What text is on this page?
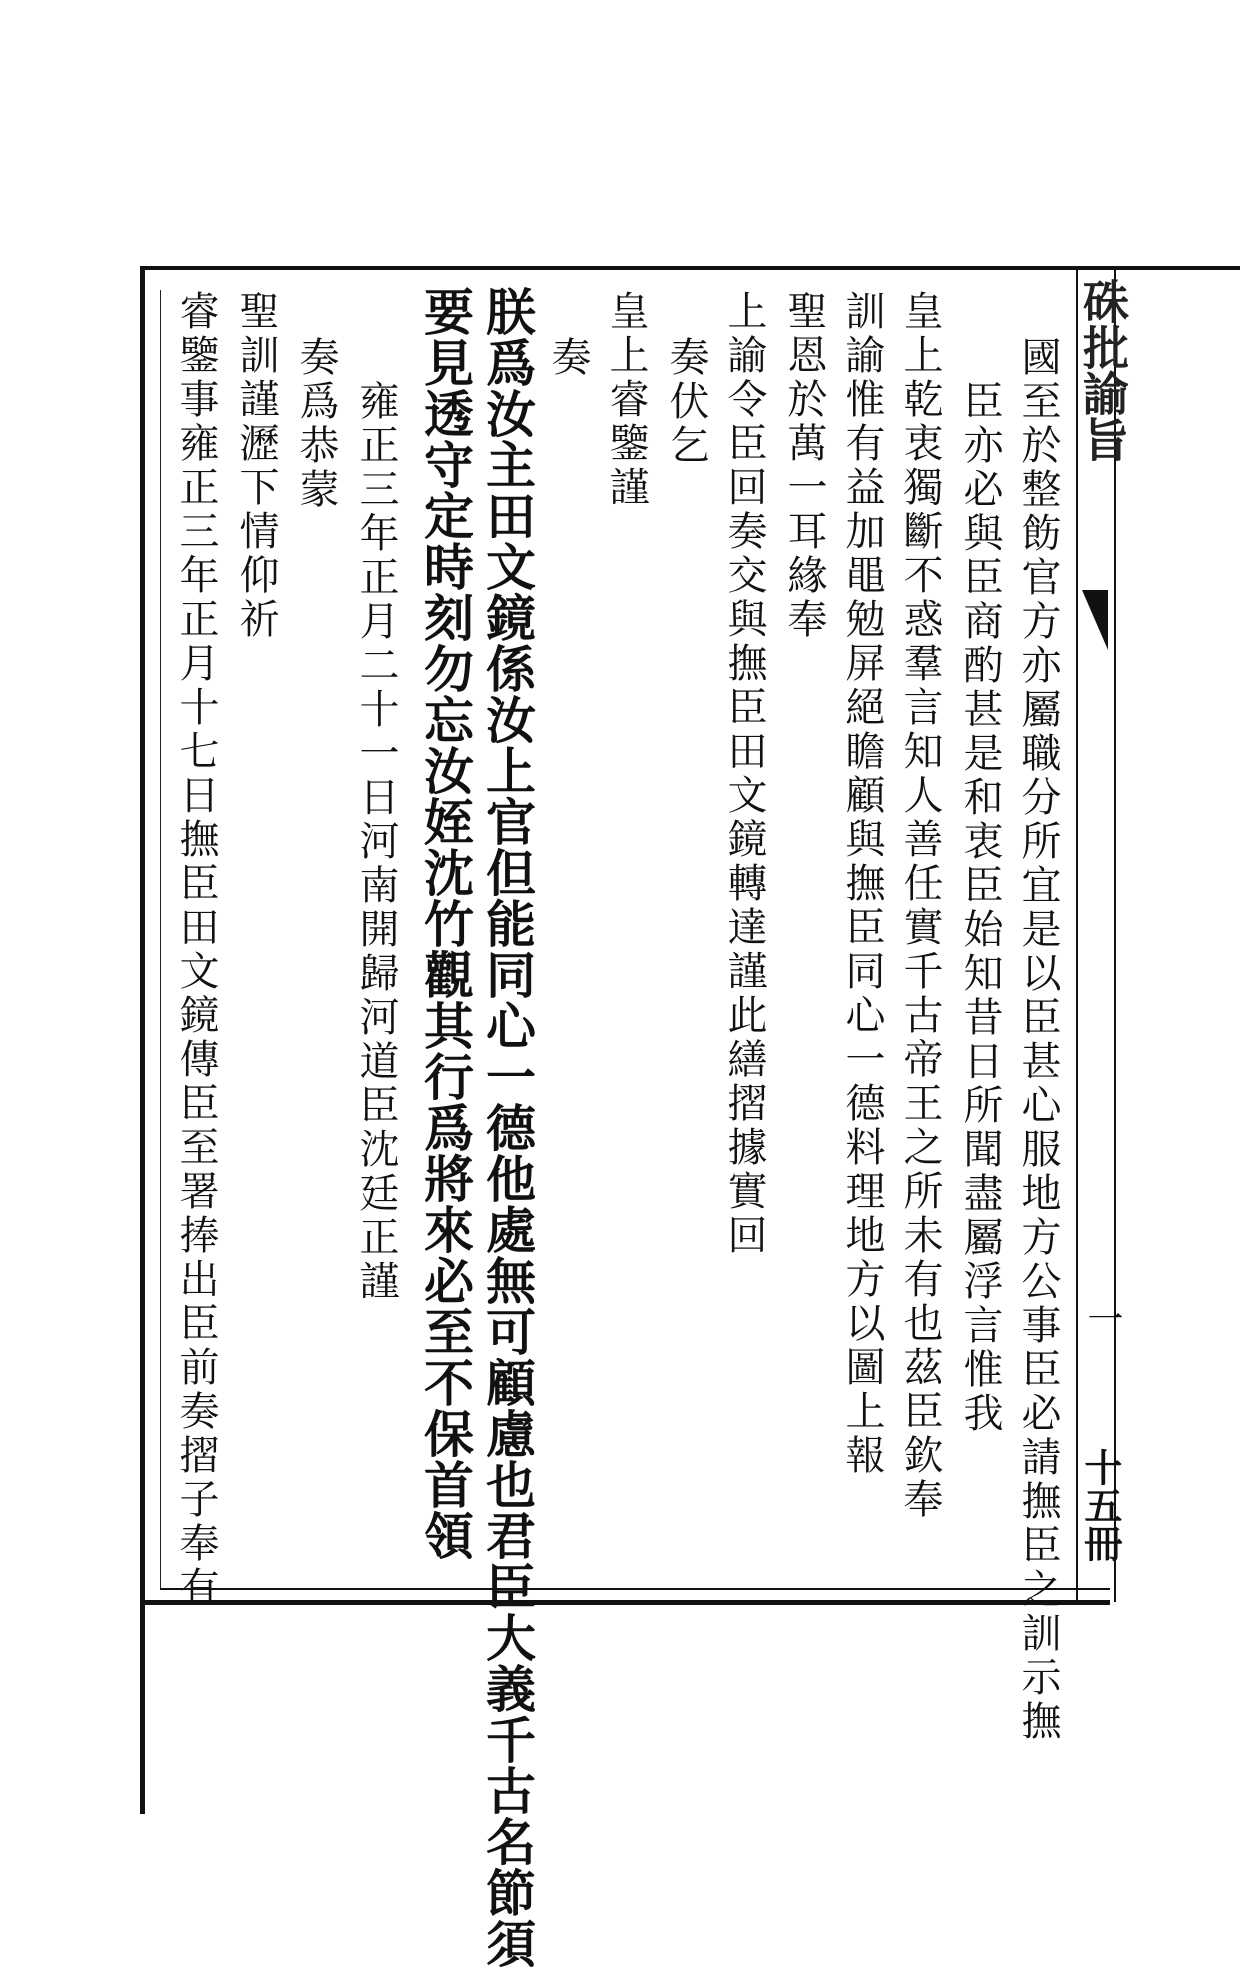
硃批諭旨
一
十五冊
國至於整飭官方亦屬職分所宜是以臣甚心服地方公事臣必請撫臣之訓示撫
臣亦必與臣商酌甚是和衷臣始知昔日所聞盡屬浮言惟我
皇上乾衷獨斷不惑羣言知人善任實千古帝王之所未有也茲臣欽奉
訓諭惟有益加黽勉屏絕瞻顧與撫臣同心一德料理地方以圖上報
聖恩於萬一耳緣奉
上諭令臣回奏交與撫臣田文鏡轉達謹此繕摺據實回
奏伏乞
皇上睿鑒謹
奏
朕爲汝主田文鏡係汝上官但能同心一德他處無可顧慮也君臣大義千古名節須
要見透守定時刻勿忘汝姪沈竹觀其行爲將來必至不保首領
雍正三年正月二十一日河南開歸河道臣沈廷正謹
奏爲恭蒙
聖訓謹瀝下情仰祈
睿鑒事雍正三年正月十七日撫臣田文鏡傳臣至署捧出臣前奏摺子奉有
